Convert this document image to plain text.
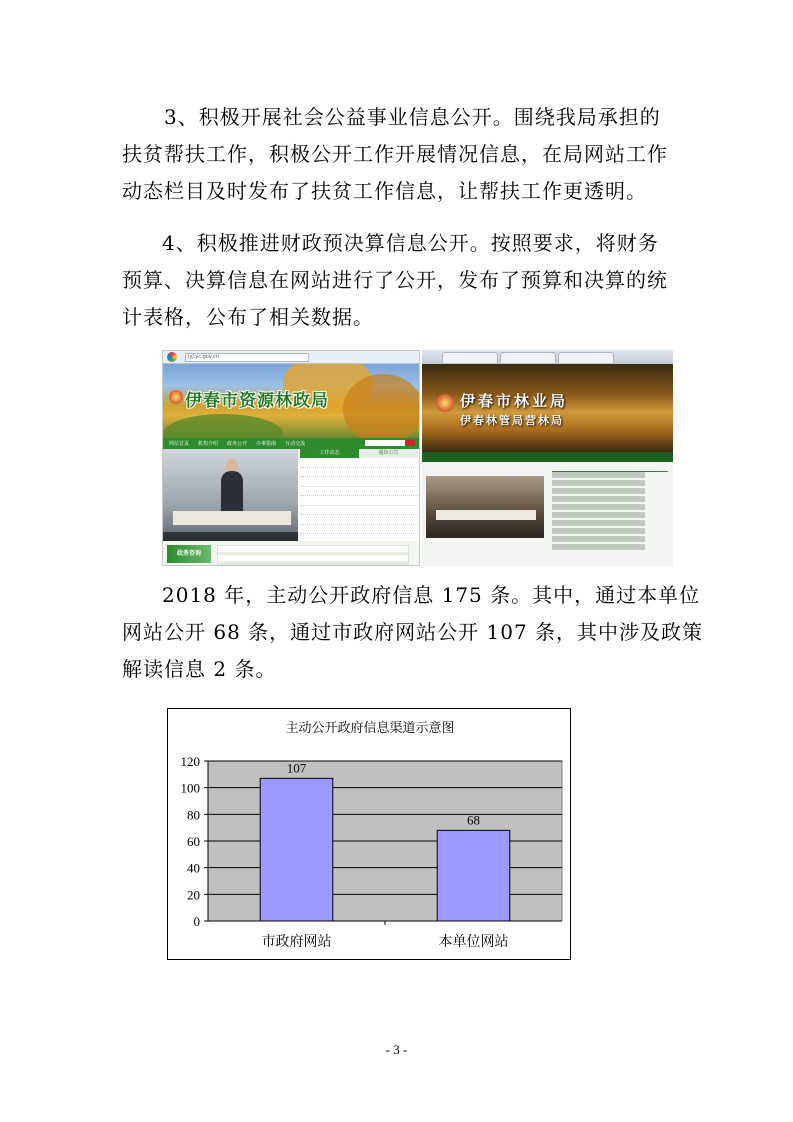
3、积极开展社会公益事业信息公开。围绕我局承担的
扶贫帮扶工作，积极公开工作开展情况信息，在局网站工作
动态栏目及时发布了扶贫工作信息，让帮扶工作更透明。
4、积极推进财政预决算信息公开。按照要求，将财务
预算、决算信息在网站进行了公开，发布了预算和决算的统
计表格，公布了相关数据。
lyj.yc.gov.cn
伊春市资源林政局
网站首页 机构介绍 政务公开 办事指南 互动交流
工作动态	通知公告
政务咨询
伊春市林业局
伊春林管局营林局
2018 年，主动公开政府信息 175 条。其中，通过本单位
网站公开 68 条，通过市政府网站公开 107 条，其中涉及政策
解读信息 2 条。
主动公开政府信息渠道示意图
0
20
40
60
80
100
120	107
市政府网站
68
本单位网站
- 3 -
